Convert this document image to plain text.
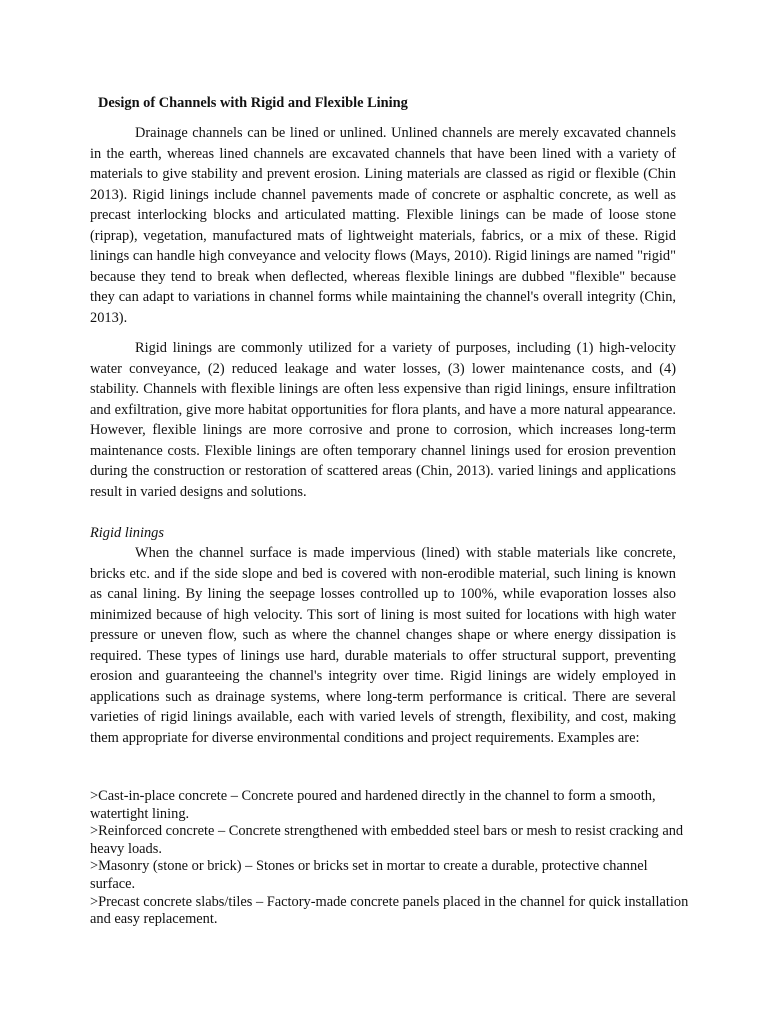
Design of Channels with Rigid and Flexible Lining

Drainage channels can be lined or unlined. Unlined channels are merely excavated channels in the earth, whereas lined channels are excavated channels that have been lined with a variety of materials to give stability and prevent erosion. Lining materials are classed as rigid or flexible (Chin 2013). Rigid linings include channel pavements made of concrete or asphaltic concrete, as well as precast interlocking blocks and articulated matting. Flexible linings can be made of loose stone (riprap), vegetation, manufactured mats of lightweight materials, fabrics, or a mix of these. Rigid linings can handle high conveyance and velocity flows (Mays, 2010). Rigid linings are named "rigid" because they tend to break when deflected, whereas flexible linings are dubbed "flexible" because they can adapt to variations in channel forms while maintaining the channel's overall integrity (Chin, 2013).

Rigid linings are commonly utilized for a variety of purposes, including (1) high-velocity water conveyance, (2) reduced leakage and water losses, (3) lower maintenance costs, and (4) stability. Channels with flexible linings are often less expensive than rigid linings, ensure infiltration and exfiltration, give more habitat opportunities for flora plants, and have a more natural appearance. However, flexible linings are more corrosive and prone to corrosion, which increases long-term maintenance costs. Flexible linings are often temporary channel linings used for erosion prevention during the construction or restoration of scattered areas (Chin, 2013). varied linings and applications result in varied designs and solutions.

Rigid linings

When the channel surface is made impervious (lined) with stable materials like concrete, bricks etc. and if the side slope and bed is covered with non-erodible material, such lining is known as canal lining. By lining the seepage losses controlled up to 100%, while evaporation losses also minimized because of high velocity. This sort of lining is most suited for locations with high water pressure or uneven flow, such as where the channel changes shape or where energy dissipation is required. These types of linings use hard, durable materials to offer structural support, preventing erosion and guaranteeing the channel's integrity over time. Rigid linings are widely employed in applications such as drainage systems, where long-term performance is critical. There are several varieties of rigid linings available, each with varied levels of strength, flexibility, and cost, making them appropriate for diverse environmental conditions and project requirements. Examples are:

>Cast-in-place concrete – Concrete poured and hardened directly in the channel to form a smooth, watertight lining.
>Reinforced concrete – Concrete strengthened with embedded steel bars or mesh to resist cracking and heavy loads.
>Masonry (stone or brick) – Stones or bricks set in mortar to create a durable, protective channel surface.
>Precast concrete slabs/tiles – Factory-made concrete panels placed in the channel for quick installation and easy replacement.
